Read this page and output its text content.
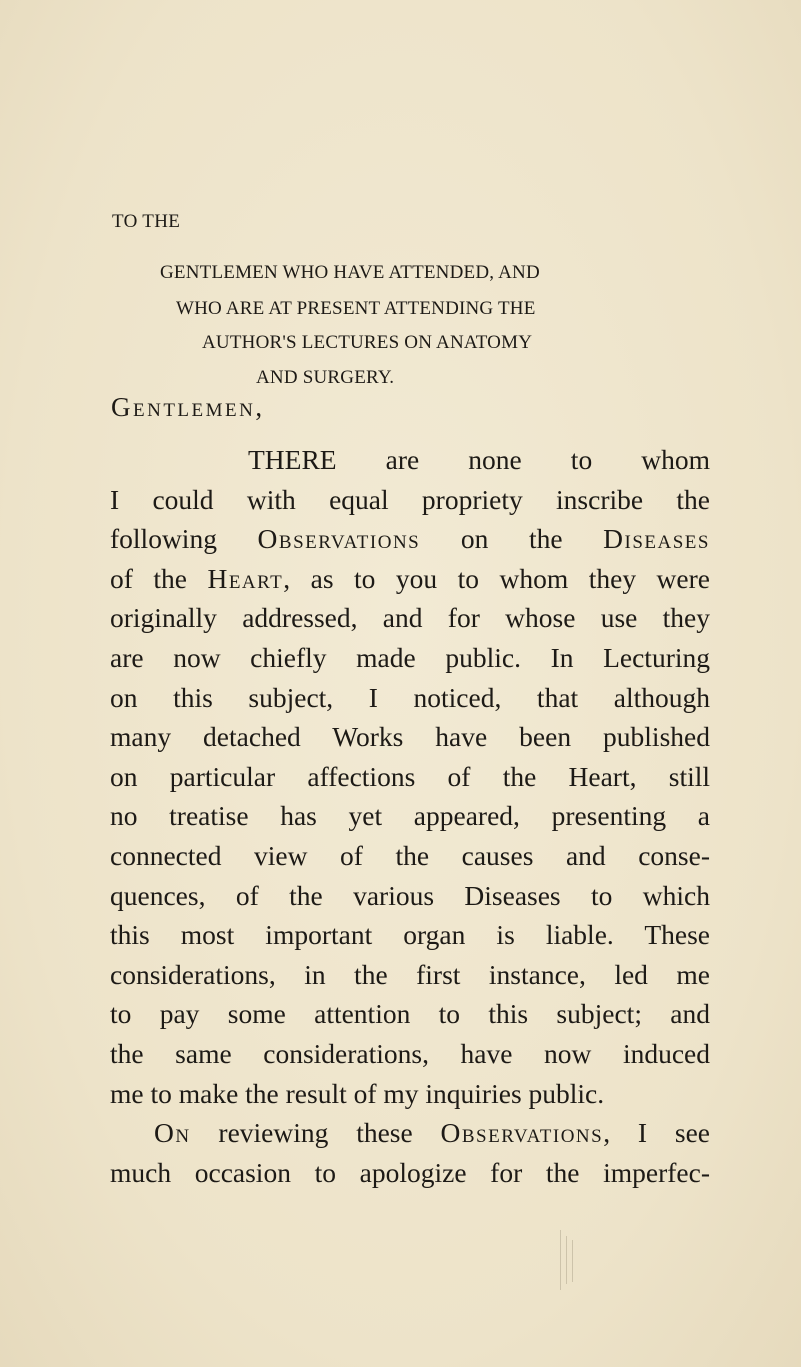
TO THE

GENTLEMEN WHO HAVE ATTENDED, AND

WHO ARE AT PRESENT ATTENDING THE

AUTHOR'S LECTURES ON ANATOMY

AND SURGERY.

Gentlemen,

THERE are none to whom
I could with equal propriety inscribe the
following Observations on the Diseases
of the Heart, as to you to whom they were
originally addressed, and for whose use they
are now chiefly made public. In Lecturing
on this subject, I noticed, that although
many detached Works have been published
on particular affections of the Heart, still
no treatise has yet appeared, presenting a
connected view of the causes and conse-
quences, of the various Diseases to which
this most important organ is liable. These
considerations, in the first instance, led me
to pay some attention to this subject; and
the same considerations, have now induced
me to make the result of my inquiries public.
On reviewing these Observations, I see
much occasion to apologize for the imperfec-
